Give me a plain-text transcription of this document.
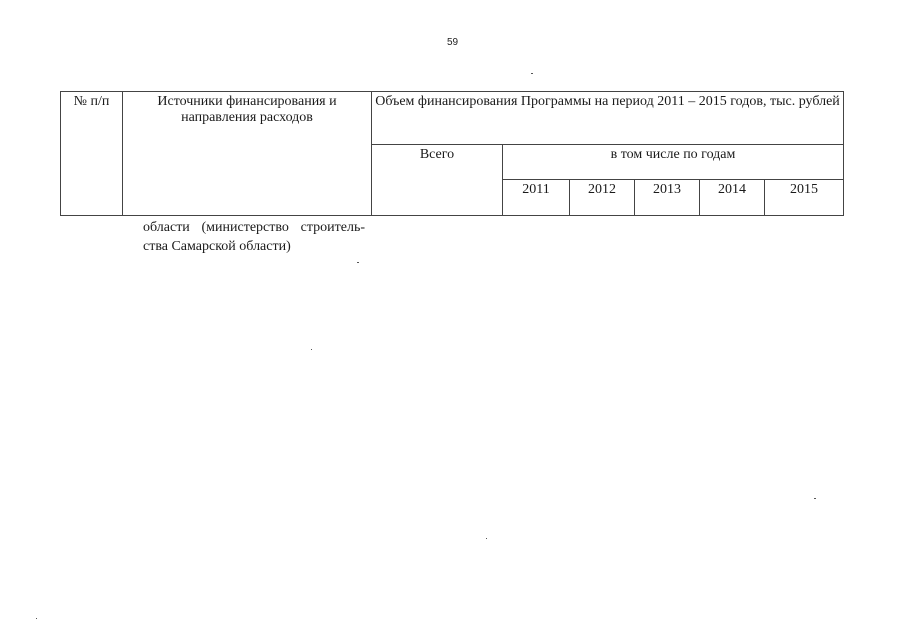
59
№ п/п	Источники финансирования и направления расходов	Объем финансирования Программы на период 2011 – 2015 годов, тыс. рублей					
		Всего	в том числе по годам				
			2011	2012	2013	2014	2015
области (министерство строитель-ства Самарской области)
